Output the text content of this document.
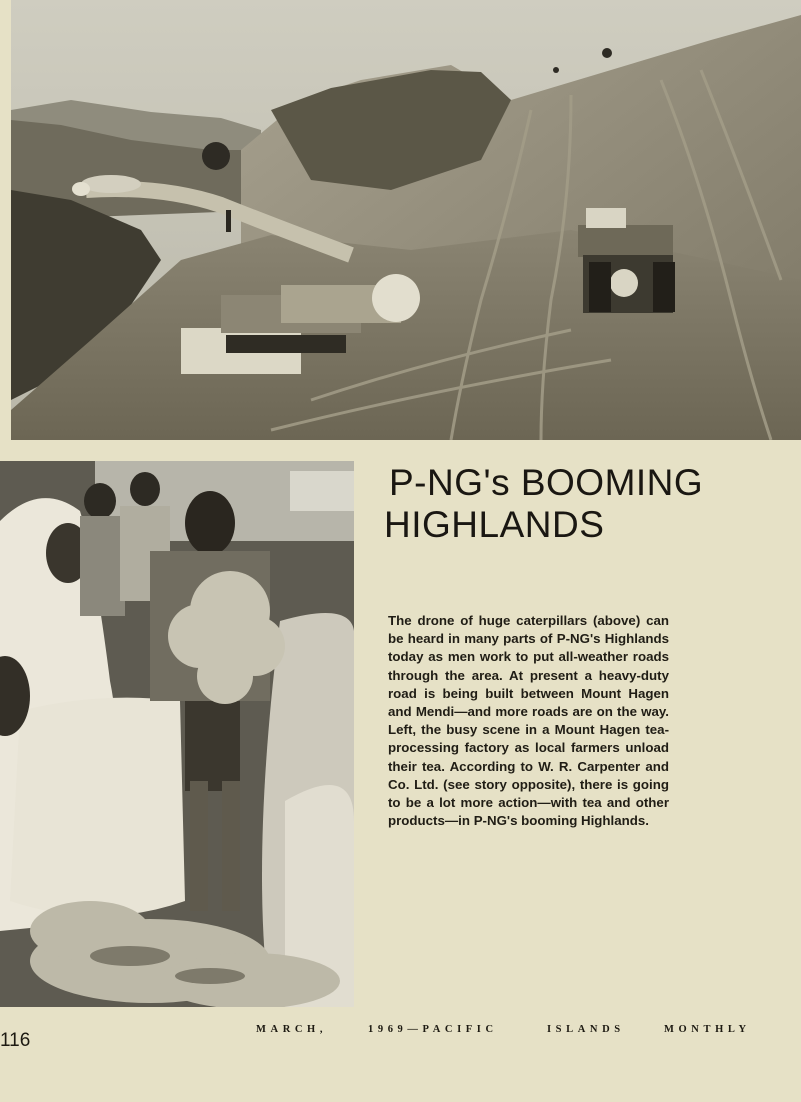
P-NG's BOOMING
HIGHLANDS

The drone of huge caterpillars (above) can be heard in many parts of P-NG's Highlands today as men work to put all-weather roads through the area. At present a heavy-duty road is being built between Mount Hagen and Mendi—and more roads are on the way. Left, the busy scene in a Mount Hagen tea-processing factory as local farmers unload their tea. According to W. R. Carpenter and Co. Ltd. (see story opposite), there is going to be a lot more action—with tea and other products—in P-NG's booming Highlands.

116
MARCH,	1969—PACIFIC	ISLANDS	MONTHLY
